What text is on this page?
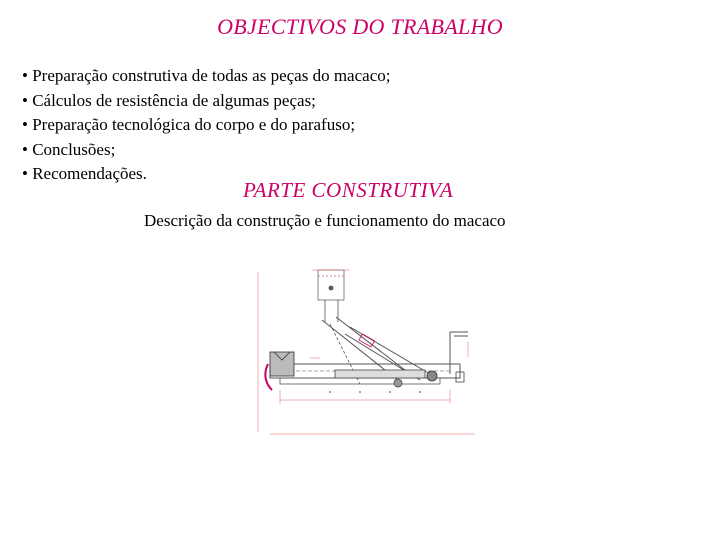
OBJECTIVOS DO TRABALHO
• Preparação construtiva de todas as peças do macaco;
• Cálculos de resistência de algumas peças;
• Preparação tecnológica do corpo e do parafuso;
• Conclusões;
• Recomendações.
PARTE CONSTRUTIVA
Descrição da construção e funcionamento do macaco
